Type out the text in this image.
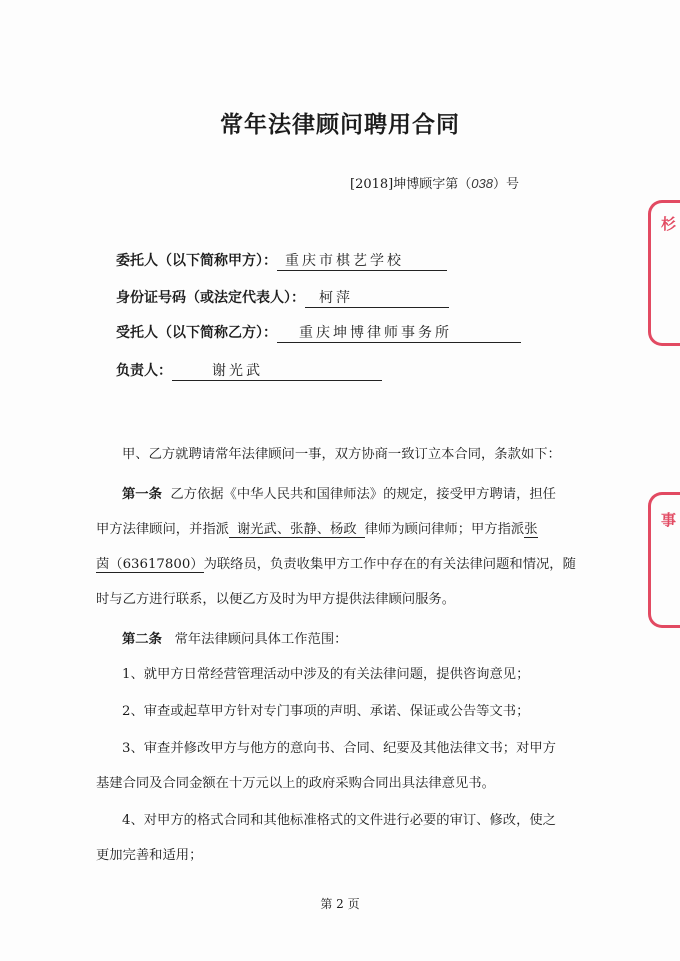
常年法律顾问聘用合同
[2018]坤博顾字第（038）号
委托人（以下简称甲方）： 重庆市棋艺学校
身份证号码（或法定代表人）： 柯萍
受托人（以下简称乙方）： 重庆坤博律师事务所
负责人：	谢光武
甲、乙方就聘请常年法律顾问一事，双方协商一致订立本合同，条款如下：
第一条 乙方依据《中华人民共和国律师法》的规定，接受甲方聘请，担任
甲方法律顾问，并指派 谢光武、张静、杨政 律师为顾问律师；甲方指派张
茵（63617800）为联络员，负责收集甲方工作中存在的有关法律问题和情况，随
时与乙方进行联系，以便乙方及时为甲方提供法律顾问服务。
第二条 常年法律顾问具体工作范围：
1、就甲方日常经营管理活动中涉及的有关法律问题，提供咨询意见；
2、审查或起草甲方针对专门事项的声明、承诺、保证或公告等文书；
3、审查并修改甲方与他方的意向书、合同、纪要及其他法律文书；对甲方
基建合同及合同金额在十万元以上的政府采购合同出具法律意见书。
4、对甲方的格式合同和其他标准格式的文件进行必要的审订、修改，使之
更加完善和适用；
第 2 页
杉
事
